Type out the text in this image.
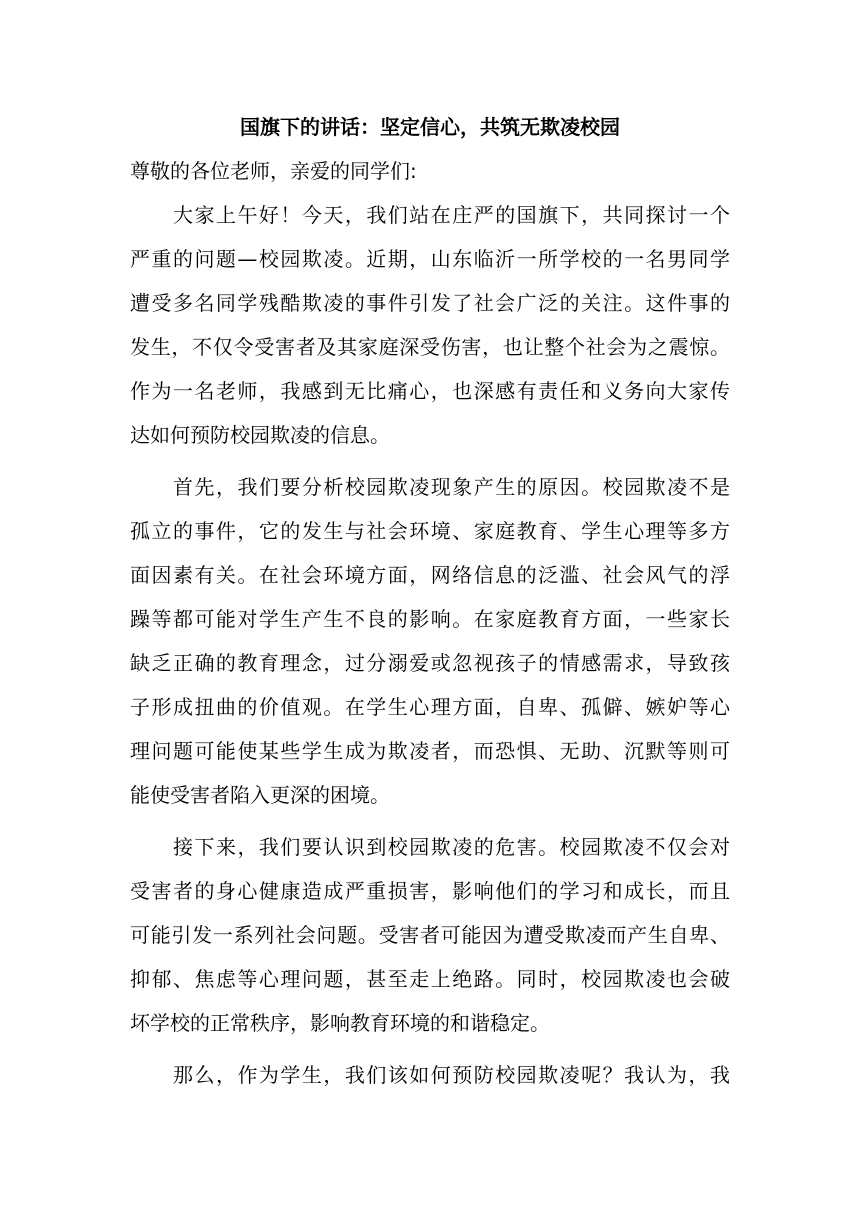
国旗下的讲话：坚定信心，共筑无欺凌校园
尊敬的各位老师，亲爱的同学们:
大家上午好！今天，我们站在庄严的国旗下，共同探讨一个
严重的问题—校园欺凌。近期，山东临沂一所学校的一名男同学
遭受多名同学残酷欺凌的事件引发了社会广泛的关注。这件事的
发生，不仅令受害者及其家庭深受伤害，也让整个社会为之震惊。
作为一名老师，我感到无比痛心，也深感有责任和义务向大家传
达如何预防校园欺凌的信息。
首先，我们要分析校园欺凌现象产生的原因。校园欺凌不是
孤立的事件，它的发生与社会环境、家庭教育、学生心理等多方
面因素有关。在社会环境方面，网络信息的泛滥、社会风气的浮
躁等都可能对学生产生不良的影响。在家庭教育方面，一些家长
缺乏正确的教育理念，过分溺爱或忽视孩子的情感需求，导致孩
子形成扭曲的价值观。在学生心理方面，自卑、孤僻、嫉妒等心
理问题可能使某些学生成为欺凌者，而恐惧、无助、沉默等则可
能使受害者陷入更深的困境。
接下来，我们要认识到校园欺凌的危害。校园欺凌不仅会对
受害者的身心健康造成严重损害，影响他们的学习和成长，而且
可能引发一系列社会问题。受害者可能因为遭受欺凌而产生自卑、
抑郁、焦虑等心理问题，甚至走上绝路。同时，校园欺凌也会破
坏学校的正常秩序，影响教育环境的和谐稳定。
那么，作为学生，我们该如何预防校园欺凌呢？我认为，我
